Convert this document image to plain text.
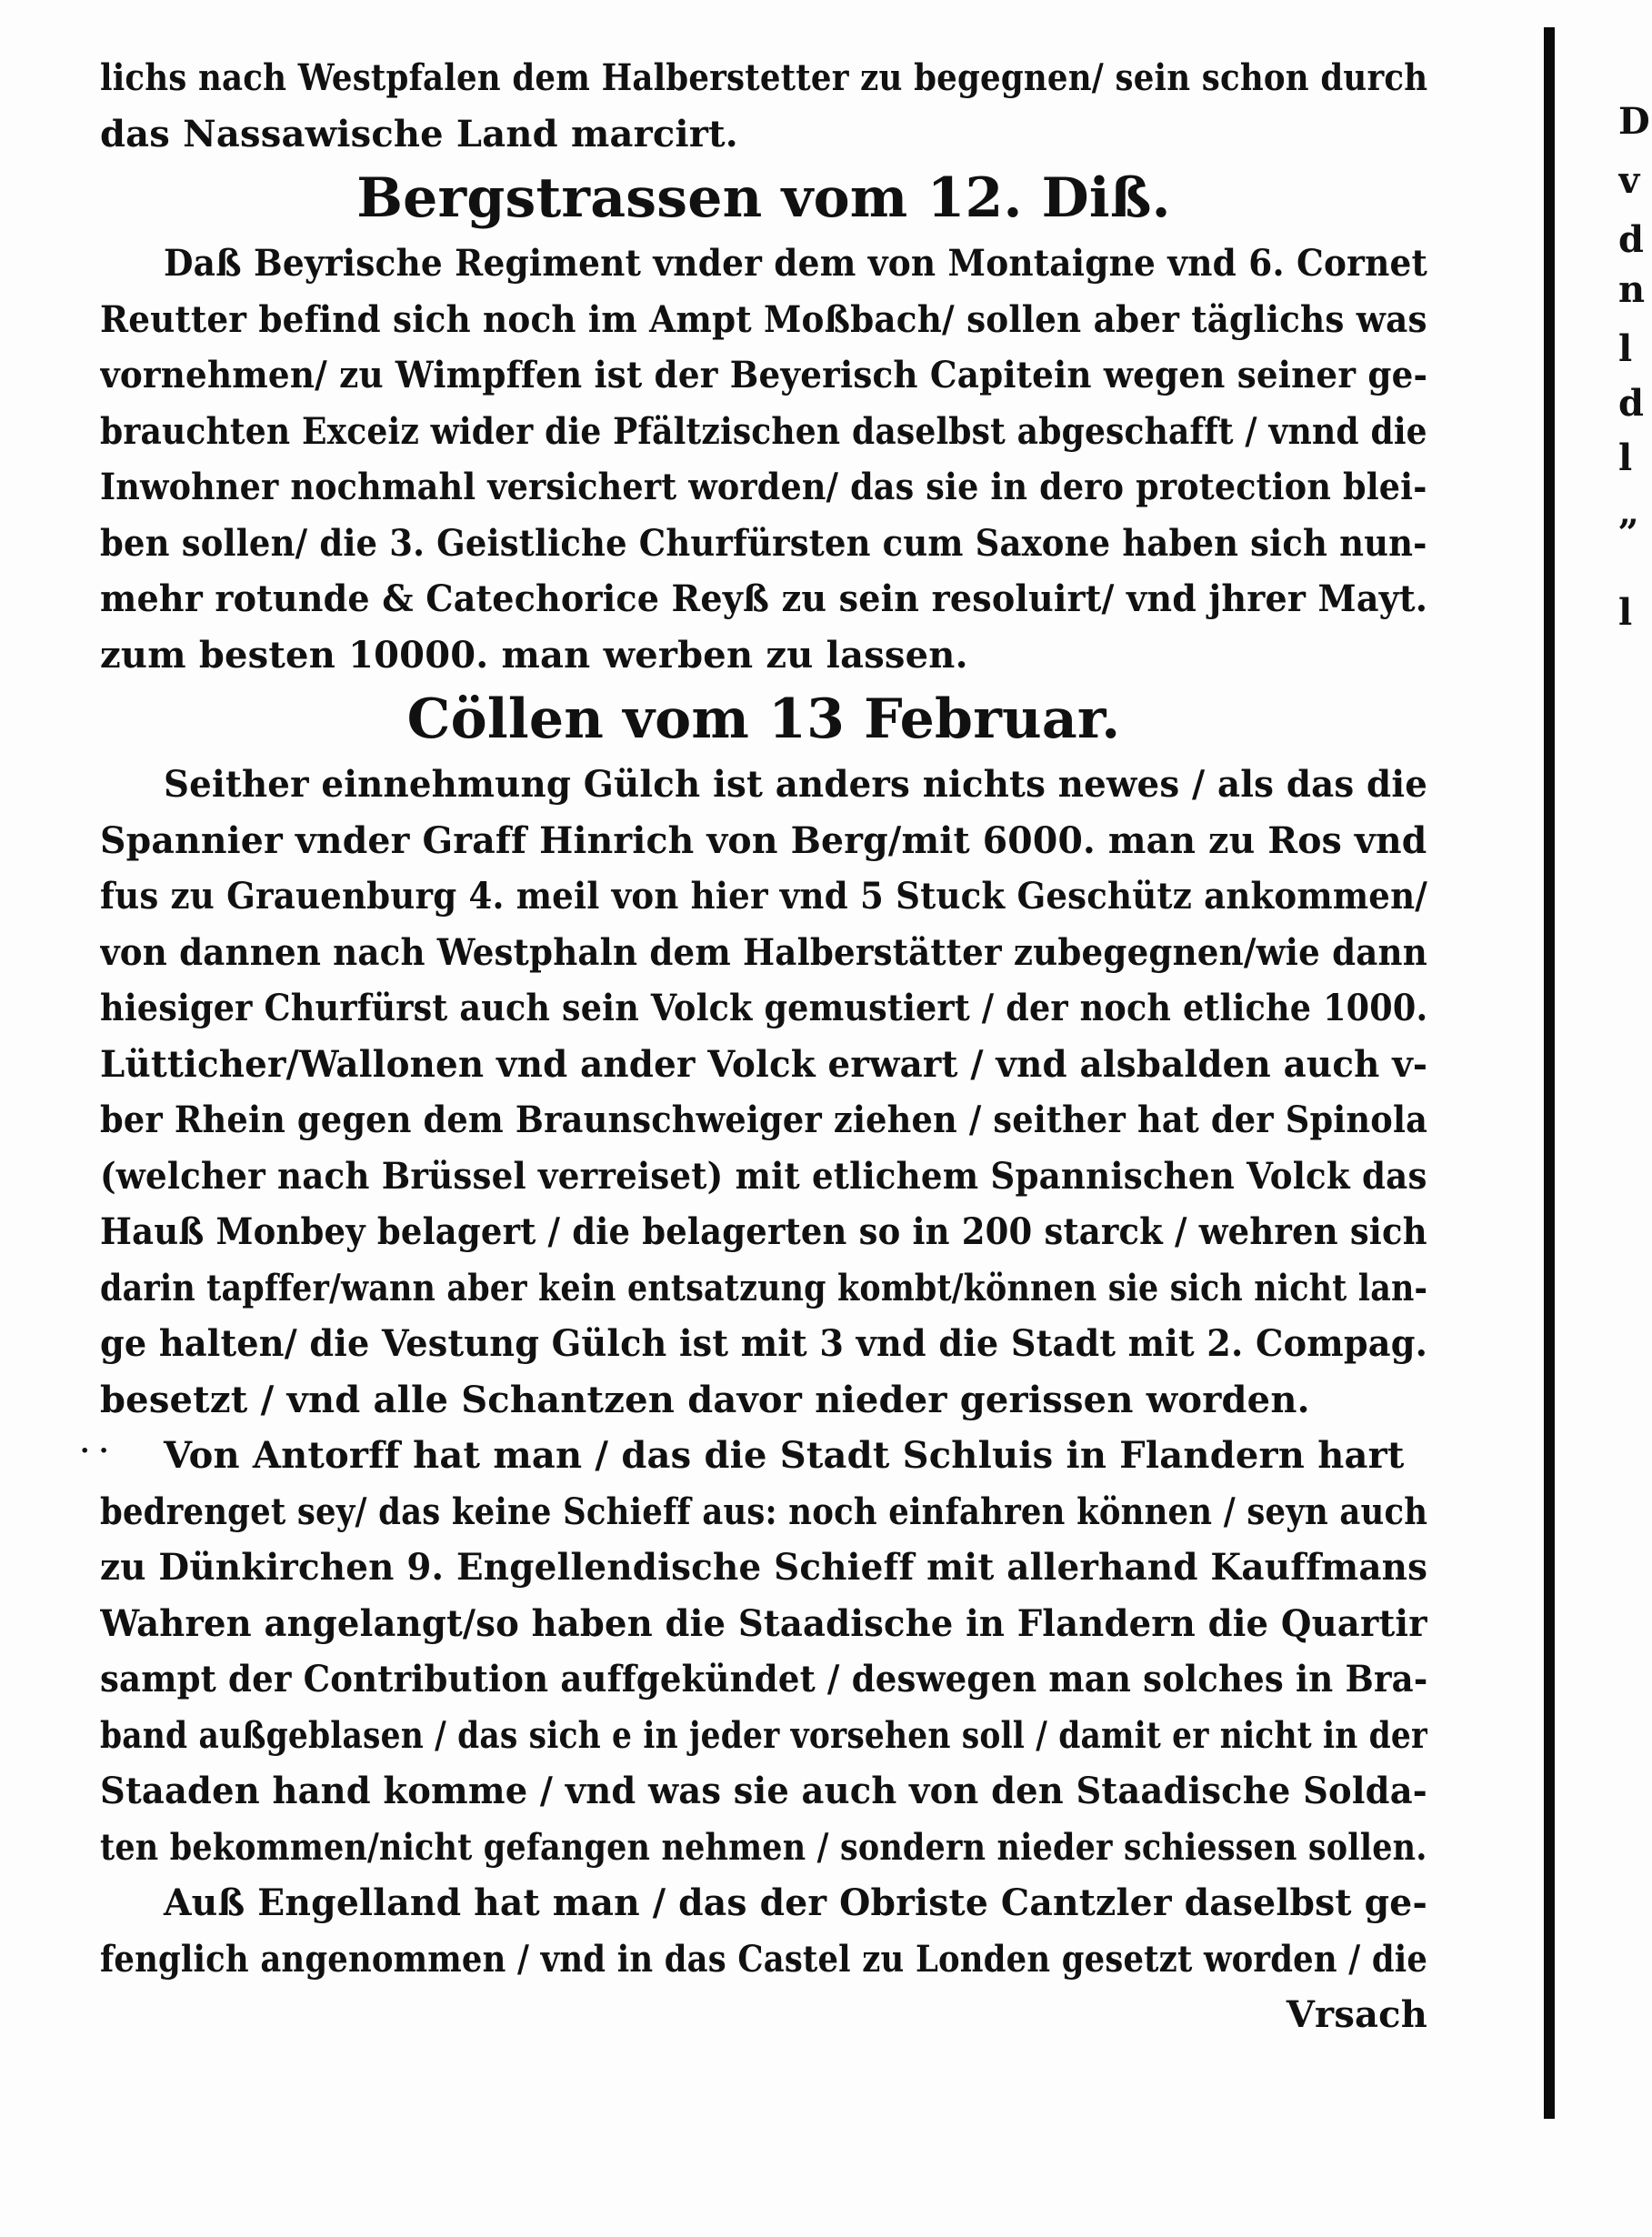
lichs nach Westpfalen dem Halberstetter zu begegnen/ sein schon durch
das Nassawische Land marcirt.
Bergstrassen vom 12. Diß.
Daß Beyrische Regiment vnder dem von Montaigne vnd 6. Cornet
Reutter befind sich noch im Ampt Moßbach/ sollen aber täglichs was
vornehmen/ zu Wimpffen ist der Beyerisch Capitein wegen seiner ge-
brauchten Exceiz wider die Pfältzischen daselbst abgeschafft / vnnd die
Inwohner nochmahl versichert worden/ das sie in dero protection blei-
ben sollen/ die 3. Geistliche Churfürsten cum Saxone haben sich nun-
mehr rotunde & Catechorice Reyß zu sein resoluirt/ vnd jhrer Mayt.
zum besten 10000. man werben zu lassen.
Cöllen vom 13 Februar.
Seither einnehmung Gülch ist anders nichts newes / als das die
Spannier vnder Graff Hinrich von Berg/mit 6000. man zu Ros vnd
fus zu Grauenburg 4. meil von hier vnd 5 Stuck Geschütz ankommen/
von dannen nach Westphaln dem Halberstätter zubegegnen/wie dann
hiesiger Churfürst auch sein Volck gemustiert / der noch etliche 1000.
Lütticher/Wallonen vnd ander Volck erwart / vnd alsbalden auch v-
ber Rhein gegen dem Braunschweiger ziehen / seither hat der Spinola
(welcher nach Brüssel verreiset) mit etlichem Spannischen Volck das
Hauß Monbey belagert / die belagerten so in 200 starck / wehren sich
darin tapffer/wann aber kein entsatzung kombt/können sie sich nicht lan-
ge halten/ die Vestung Gülch ist mit 3 vnd die Stadt mit 2. Compag.
besetzt / vnd alle Schantzen davor nieder gerissen worden.
Von Antorff hat man / das die Stadt Schluis in Flandern hart
bedrenget sey/ das keine Schieff aus: noch einfahren können / seyn auch
zu Dünkirchen 9. Engellendische Schieff mit allerhand Kauffmans
Wahren angelangt/so haben die Staadische in Flandern die Quartir
sampt der Contribution auffgekündet / deswegen man solches in Bra-
band außgeblasen / das sich e in jeder vorsehen soll / damit er nicht in der
Staaden hand komme / vnd was sie auch von den Staadische Solda-
ten bekommen/nicht gefangen nehmen / sondern nieder schiessen sollen.
Auß Engelland hat man / das der Obriste Cantzler daselbst ge-
fenglich angenommen / vnd in das Castel zu Londen gesetzt worden / die
Vrsach
· ·
D
v
d
n
l
d
l
„
l
